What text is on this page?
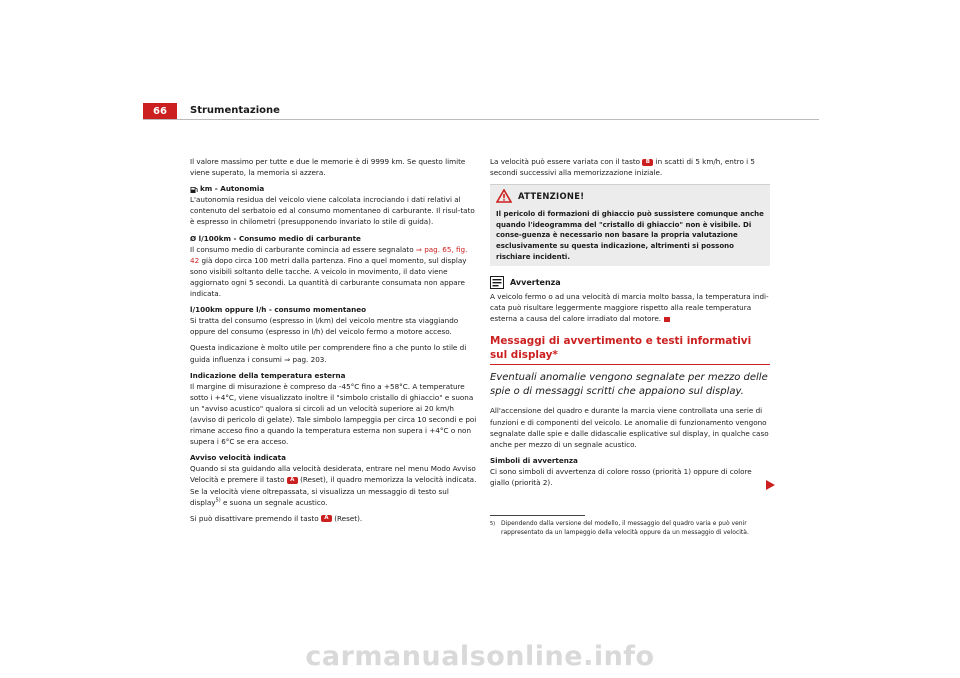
66	Strumentazione

Il valore massimo per tutte e due le memorie è di 9999 km. Se questo limite viene superato, la memoria si azzera.

km - Autonomia

L'autonomia residua del veicolo viene calcolata incrociando i dati relativi al contenuto del serbatoio ed al consumo momentaneo di carburante. Il risul-tato è espresso in chilometri (presupponendo invariato lo stile di guida).

Ø l/100km - Consumo medio di carburante

Il consumo medio di carburante comincia ad essere segnalato ⇒ pag. 65, fig. 42 già dopo circa 100 metri dalla partenza. Fino a quel momento, sul display sono visibili soltanto delle tacche. A veicolo in movimento, il dato viene aggiornato ogni 5 secondi. La quantità di carburante consumata non appare indicata.

l/100km oppure l/h - consumo momentaneo

Si tratta del consumo (espresso in l/km) del veicolo mentre sta viaggiando oppure del consumo (espresso in l/h) del veicolo fermo a motore acceso.

Questa indicazione è molto utile per comprendere fino a che punto lo stile di guida influenza i consumi ⇒ pag. 203.

Indicazione della temperatura esterna

Il margine di misurazione è compreso da -45°C fino a +58°C. A temperature sotto i +4°C, viene visualizzato inoltre il "simbolo cristallo di ghiaccio" e suona un "avviso acustico" qualora si circoli ad un velocità superiore ai 20 km/h (avviso di pericolo di gelate). Tale simbolo lampeggia per circa 10 secondi e poi rimane acceso fino a quando la temperatura esterna non supera i +4°C o non supera i 6°C se era acceso.

Avviso velocità indicata

Quando si sta guidando alla velocità desiderata, entrare nel menu Modo Avviso Velocità e premere il tasto A (Reset), il quadro memorizza la velocità indicata. Se la velocità viene oltrepassata, si visualizza un messaggio di testo sul display$^{5)}$ e suona un segnale acustico.

Si può disattivare premendo il tasto A (Reset).

La velocità può essere variata con il tasto B in scatti di 5 km/h, entro i 5 secondi successivi alla memorizzazione iniziale.

ATTENZIONE!
Il pericolo di formazioni di ghiaccio può sussistere comunque anche quando l'ideogramma del "cristallo di ghiaccio" non è visibile. Di conse-guenza è necessario non basare la propria valutazione esclusivamente su questa indicazione, altrimenti si possono rischiare incidenti.
Avvertenza

A veicolo fermo o ad una velocità di marcia molto bassa, la temperatura indi-cata può risultare leggermente maggiore rispetto alla reale temperatura esterna a causa del calore irradiato dal motore.

Messaggi di avvertimento e testi informativi sul display*
Eventuali anomalie vengono segnalate per mezzo delle spie o di messaggi scritti che appaiono sul display.

All'accensione del quadro e durante la marcia viene controllata una serie di funzioni e di componenti del veicolo. Le anomalie di funzionamento vengono segnalate dalle spie e dalle didascalie esplicative sul display, in qualche caso anche per mezzo di un segnale acustico.

Simboli di avvertenza

Ci sono simboli di avvertenza di colore rosso (priorità 1) oppure di colore giallo (priorità 2).

5) Dipendendo dalla versione del modello, il messaggio del quadro varia e può venir rappresentato da un lampeggio della velocità oppure da un messaggio di velocità.
carmanualsonline.info
